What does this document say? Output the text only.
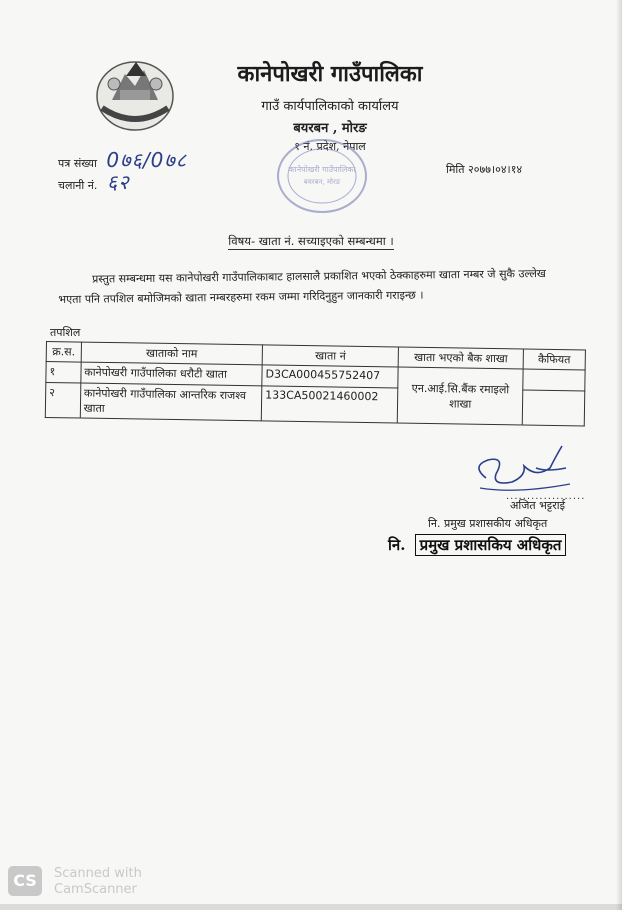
कानेपोखरी गाउँपालिका
गाउँ कार्यपालिकाको कार्यालय
बयरबन , मोरङ
१ नं. प्रदेश, नेपाल
कानेपोखरी गाउँपालिका
बयरबन, मोरङ
पत्र संख्या 0७६/0७८
चलानी नं. ६२
मिति २०७७।०४।१४
विषय- खाता नं. सच्याइएको सम्बन्धमा ।
प्रस्तुत सम्बन्धमा यस कानेपोखरी गाउँपालिकाबाट हालसालै प्रकाशित भएको ठेक्काहरुमा खाता नम्बर जे सुकै उल्लेख भएता पनि तपशिल बमोजिमको खाता नम्बरहरुमा रकम जम्मा गरिदिनुहुन जानकारी गराइन्छ ।
तपशिल
क्र.स.	खाताको नाम	खाता नं	खाता भएको बैक शाखा	कैफियत
१	कानेपोखरी गाउँपालिका धरौटी खाता	D3CA000455752407	एन.आई.सि.बैंक रमाइलो शाखा	
२	कानेपोखरी गाउँपालिका आन्तरिक राजश्व खाता	133CA50021460002		
...................
अजित भट्टराई
नि. प्रमुख प्रशासकीय अधिकृत
नि. प्रमुख प्रशासकिय अधिकृत
CS	Scanned with
CamScanner
